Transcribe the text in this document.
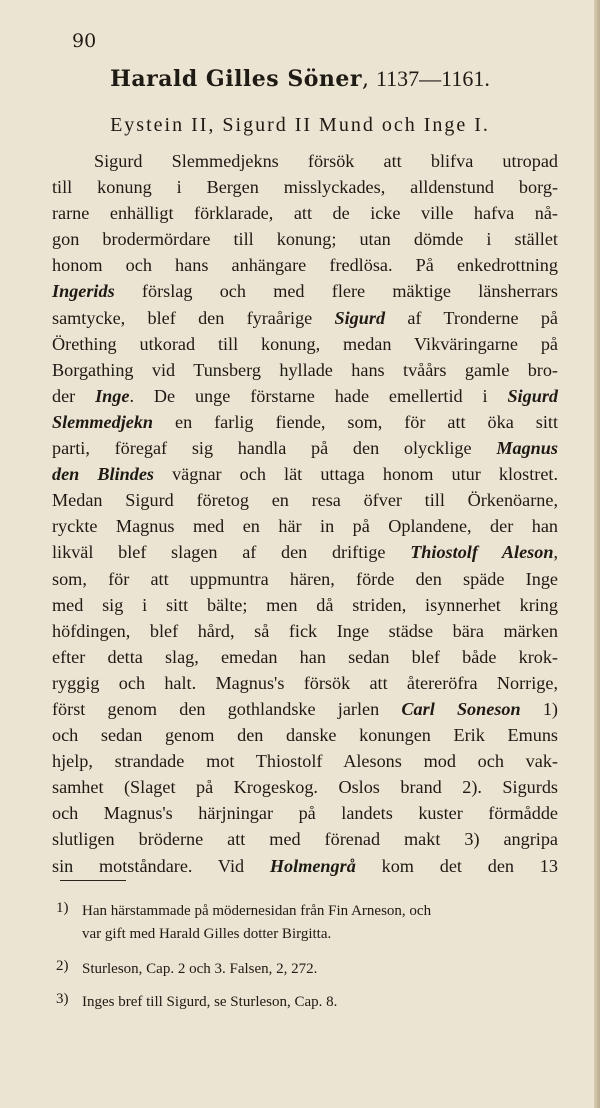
90
Harald Gilles Söner, 1137—1161.
Eystein II, Sigurd II Mund och Inge I.
Sigurd Slemmedjekns försök att blifva utropad
till konung i Bergen misslyckades, alldenstund borg-
rarne enhälligt förklarade, att de icke ville hafva nå-
gon brodermördare till konung; utan dömde i stället
honom och hans anhängare fredlösa. På enkedrottning
Ingerids förslag och med flere mäktige länsherrars
samtycke, blef den fyraårige Sigurd af Tronderne på
Örething utkorad till konung, medan Vikväringarne på
Borgathing vid Tunsberg hyllade hans tvåårs gamle bro-
der Inge. De unge förstarne hade emellertid i Sigurd
Slemmedjekn en farlig fiende, som, för att öka sitt
parti, föregaf sig handla på den olycklige Magnus
den Blindes vägnar och lät uttaga honom utur klostret.
Medan Sigurd företog en resa öfver till Örkenöarne,
ryckte Magnus med en här in på Oplandene, der han
likväl blef slagen af den driftige Thiostolf Aleson,
som, för att uppmuntra hären, förde den späde Inge
med sig i sitt bälte; men då striden, isynnerhet kring
höfdingen, blef hård, så fick Inge städse bära märken
efter detta slag, emedan han sedan blef både krok-
ryggig och halt. Magnus's försök att återeröfra Norrige,
först genom den gothlandske jarlen Carl Soneson 1)
och sedan genom den danske konungen Erik Emuns
hjelp, strandade mot Thiostolf Alesons mod och vak-
samhet (Slaget på Krogeskog. Oslos brand 2). Sigurds
och Magnus's härjningar på landets kuster förmådde
slutligen bröderne att med förenad makt 3) angripa
sin motståndare. Vid Holmengrå kom det den 13
1) Han härstammade på mödernesidan från Fin Arneson, och
var gift med Harald Gilles dotter Birgitta.
2) Sturleson, Cap. 2 och 3. Falsen, 2, 272.
3) Inges bref till Sigurd, se Sturleson, Cap. 8.
